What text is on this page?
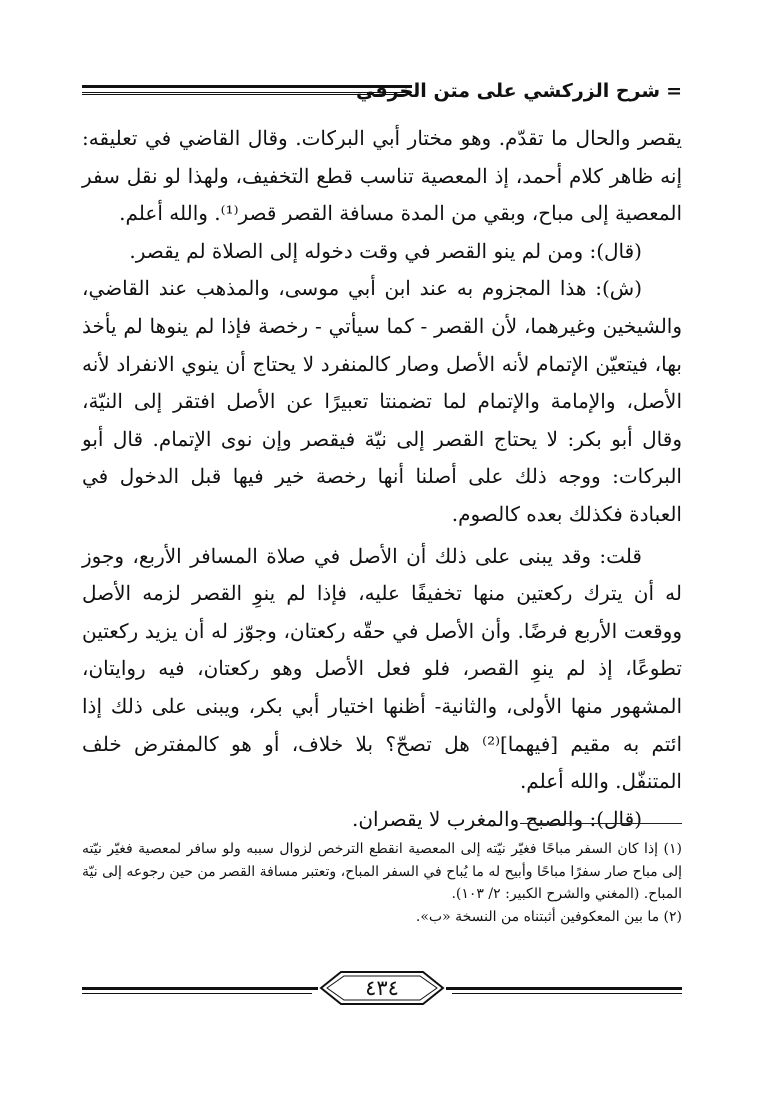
=شرح الزركشي على متن الخرقي

يقصر والحال ما تقدّم. وهو مختار أبي البركات. وقال القاضي في تعليقه: إنه ظاهر كلام أحمد، إذ المعصية تناسب قطع التخفيف، ولهذا لو نقل سفر المعصية إلى مباح، وبقي من المدة مسافة القصر قصر⁽¹⁾. والله أعلم.

(قال): ومن لم ينو القصر في وقت دخوله إلى الصلاة لم يقصر.

(ش): هذا المجزوم به عند ابن أبي موسى، والمذهب عند القاضي، والشيخين وغيرهما، لأن القصر - كما سيأتي - رخصة فإذا لم ينوها لم يأخذ بها، فيتعيّن الإتمام لأنه الأصل وصار كالمنفرد لا يحتاج أن ينوي الانفراد لأنه الأصل، والإمامة والإتمام لما تضمنتا تعبيرًا عن الأصل افتقر إلى النيّة، وقال أبو بكر: لا يحتاج القصر إلى نيّة فيقصر وإن نوى الإتمام. قال أبو البركات: ووجه ذلك على أصلنا أنها رخصة خير فيها قبل الدخول في العبادة فكذلك بعده كالصوم.

قلت: وقد يبنى على ذلك أن الأصل في صلاة المسافر الأربع، وجوز له أن يترك ركعتين منها تخفيفًا عليه، فإذا لم ينوِ القصر لزمه الأصل ووقعت الأربع فرضًا. وأن الأصل في حقّه ركعتان، وجوّز له أن يزيد ركعتين تطوعًا، إذ لم ينوِ القصر، فلو فعل الأصل وهو ركعتان، فيه روايتان، المشهور منها الأولى، والثانية- أظنها اختيار أبي بكر، ويبنى على ذلك إذا ائتم به مقيم [فيهما]⁽²⁾ هل تصحّ؟ بلا خلاف، أو هو كالمفترض خلف المتنفّل. والله أعلم.

(قال): والصبح والمغرب لا يقصران.

(١) إذا كان السفر مباحًا فغيّر نيّته إلى المعصية انقطع الترخص لزوال سببه ولو سافر لمعصية فغيّر نيّته إلى مباح صار سفرًا مباحًا وأبيح له ما يُباح في السفر المباح، وتعتبر مسافة القصر من حين رجوعه إلى نيّة المباح. (المغني والشرح الكبير: ٢/ ١٠٣).

(٢) ما بين المعكوفين أثبتناه من النسخة «ب».

٤٣٤
